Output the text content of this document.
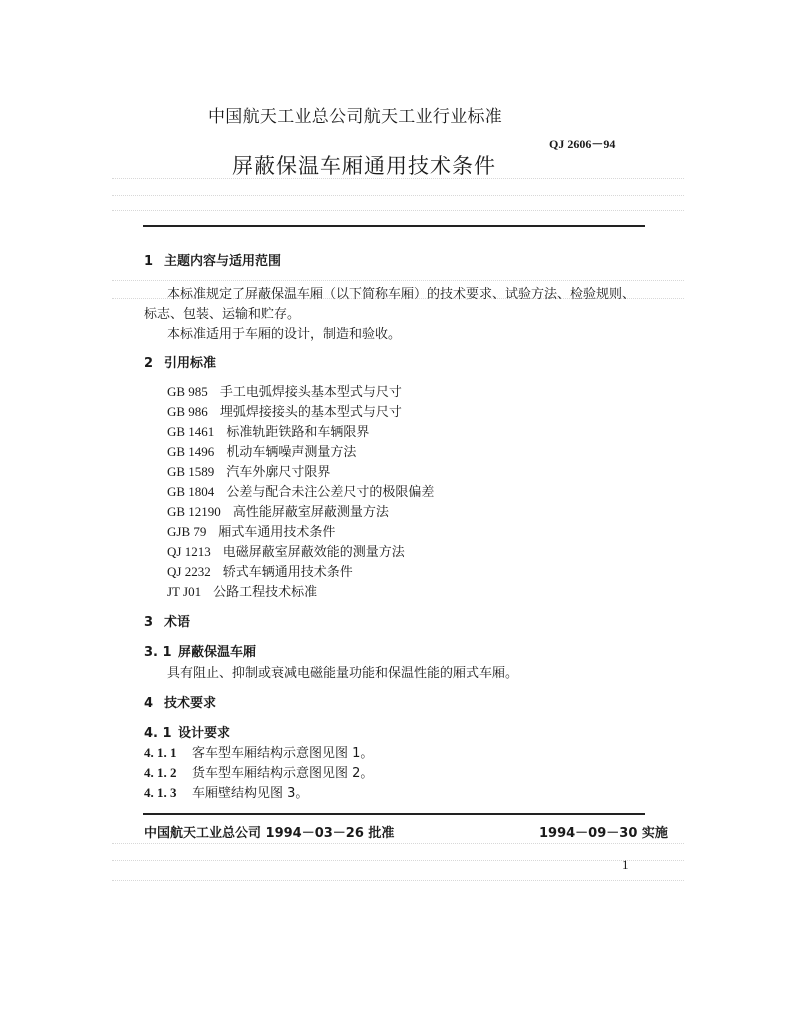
中国航天工业总公司航天工业行业标准
QJ 2606－94
屏蔽保温车厢通用技术条件
1 主题内容与适用范围
本标准规定了屏蔽保温车厢（以下简称车厢）的技术要求、试验方法、检验规则、
标志、包装、运输和贮存。
本标准适用于车厢的设计，制造和验收。
2 引用标准
GB 985 手工电弧焊接头基本型式与尺寸
GB 986 埋弧焊接接头的基本型式与尺寸
GB 1461 标准轨距铁路和车辆限界
GB 1496 机动车辆噪声测量方法
GB 1589 汽车外廓尺寸限界
GB 1804 公差与配合未注公差尺寸的极限偏差
GB 12190 高性能屏蔽室屏蔽测量方法
GJB 79 厢式车通用技术条件
QJ 1213 电磁屏蔽室屏蔽效能的测量方法
QJ 2232 轿式车辆通用技术条件
JT J01 公路工程技术标准
3 术语
3. 1 屏蔽保温车厢
具有阻止、抑制或衰减电磁能量功能和保温性能的厢式车厢。
4 技术要求
4. 1 设计要求
4. 1. 1 客车型车厢结构示意图见图 1。
4. 1. 2 货车型车厢结构示意图见图 2。
4. 1. 3 车厢壁结构见图 3。
中国航天工业总公司 1994－03－26 批准	1994－09－30 实施
1
